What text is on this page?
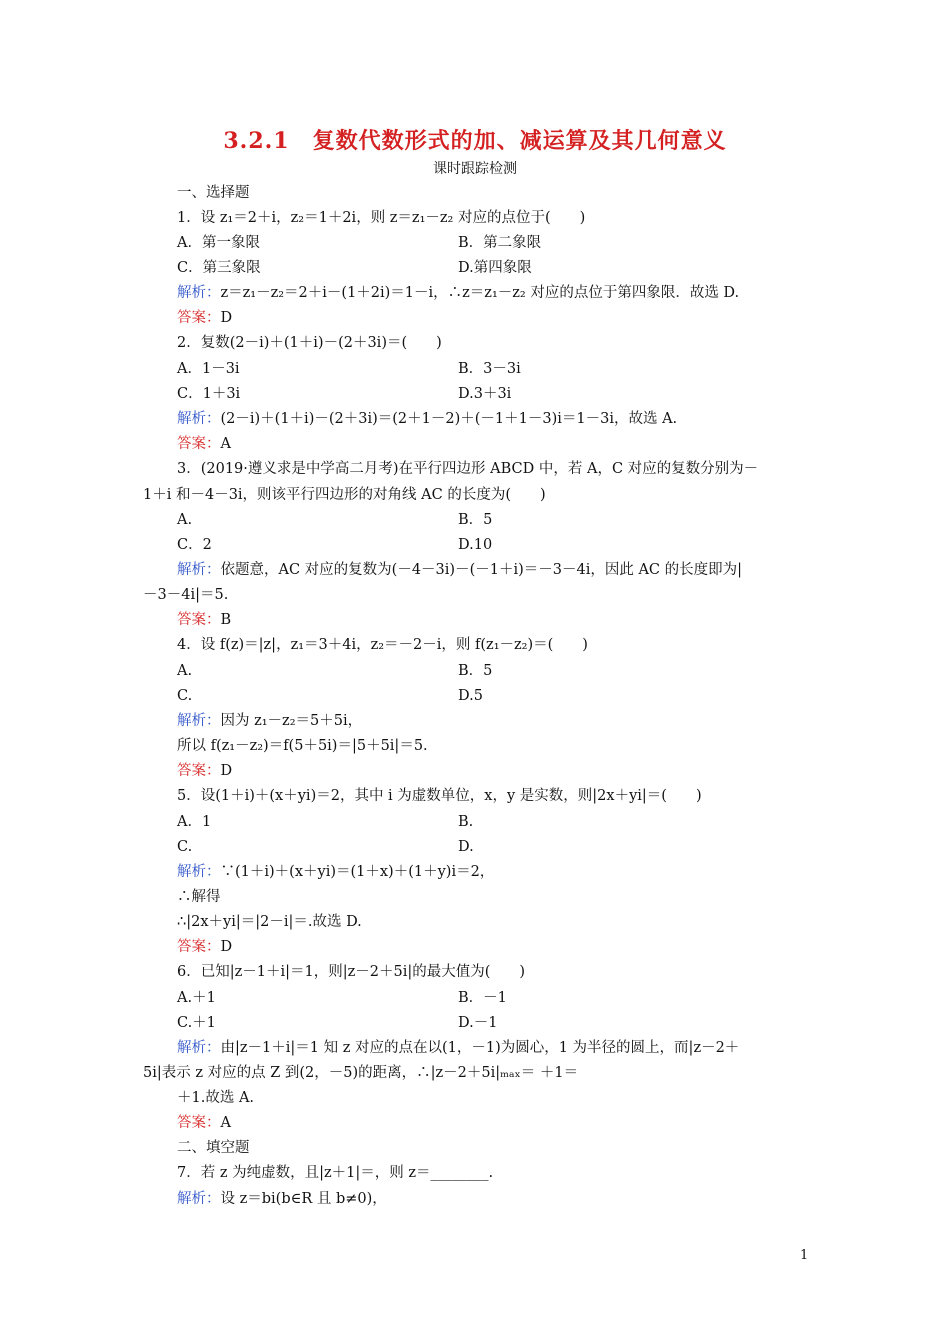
3.2.1　复数代数形式的加、减运算及其几何意义
课时跟踪检测
一、选择题
1．设 z₁＝2＋i，z₂＝1＋2i，则 z＝z₁－z₂ 对应的点位于(　　)
A．第一象限	B．第二象限
C．第三象限	D.第四象限
解析：z＝z₁－z₂＝2＋i－(1＋2i)＝1－i，∴z＝z₁－z₂ 对应的点位于第四象限．故选 D.
答案：D
2．复数(2－i)＋(1＋i)－(2＋3i)＝(　　)
A．1－3i	B．3－3i
C．1＋3i	D.3＋3i
解析：(2－i)＋(1＋i)－(2＋3i)＝(2＋1－2)＋(－1＋1－3)i＝1－3i，故选 A.
答案：A
3．(2019·遵义求是中学高二月考)在平行四边形 ABCD 中，若 A，C 对应的复数分别为－
1＋i 和－4－3i，则该平行四边形的对角线 AC 的长度为(　　)
A.	B．5
C．2	D.10
解析：依题意，AC 对应的复数为(－4－3i)－(－1＋i)＝－3－4i，因此 AC 的长度即为|
－3－4i|＝5.
答案：B
4．设 f(z)＝|z|，z₁＝3＋4i，z₂＝－2－i，则 f(z₁－z₂)＝(　　)
A.	B．5
C.	D.5
解析：因为 z₁－z₂＝5＋5i，
所以 f(z₁－z₂)＝f(5＋5i)＝|5＋5i|＝5.
答案：D
5．设(1＋i)＋(x＋yi)＝2，其中 i 为虚数单位，x，y 是实数，则|2x＋yi|＝(　　)
A．1	B.
C.	D.
解析：∵(1＋i)＋(x＋yi)＝(1＋x)＋(1＋y)i＝2，
∴解得
∴|2x＋yi|＝|2－i|＝.故选 D.
答案：D
6．已知|z－1＋i|＝1，则|z－2＋5i|的最大值为(　　)
A.＋1	B．－1
C.＋1	D.－1
解析：由|z－1＋i|＝1 知 z 对应的点在以(1，－1)为圆心，1 为半径的圆上，而|z－2＋
5i|表示 z 对应的点 Z 到(2，－5)的距离，∴|z－2＋5i|ₘₐₓ＝ ＋1＝
＋1.故选 A.
答案：A
二、填空题
7．若 z 为纯虚数，且|z＋1|＝，则 z＝________.
解析：设 z＝bi(b∈R 且 b≠0)，
1
